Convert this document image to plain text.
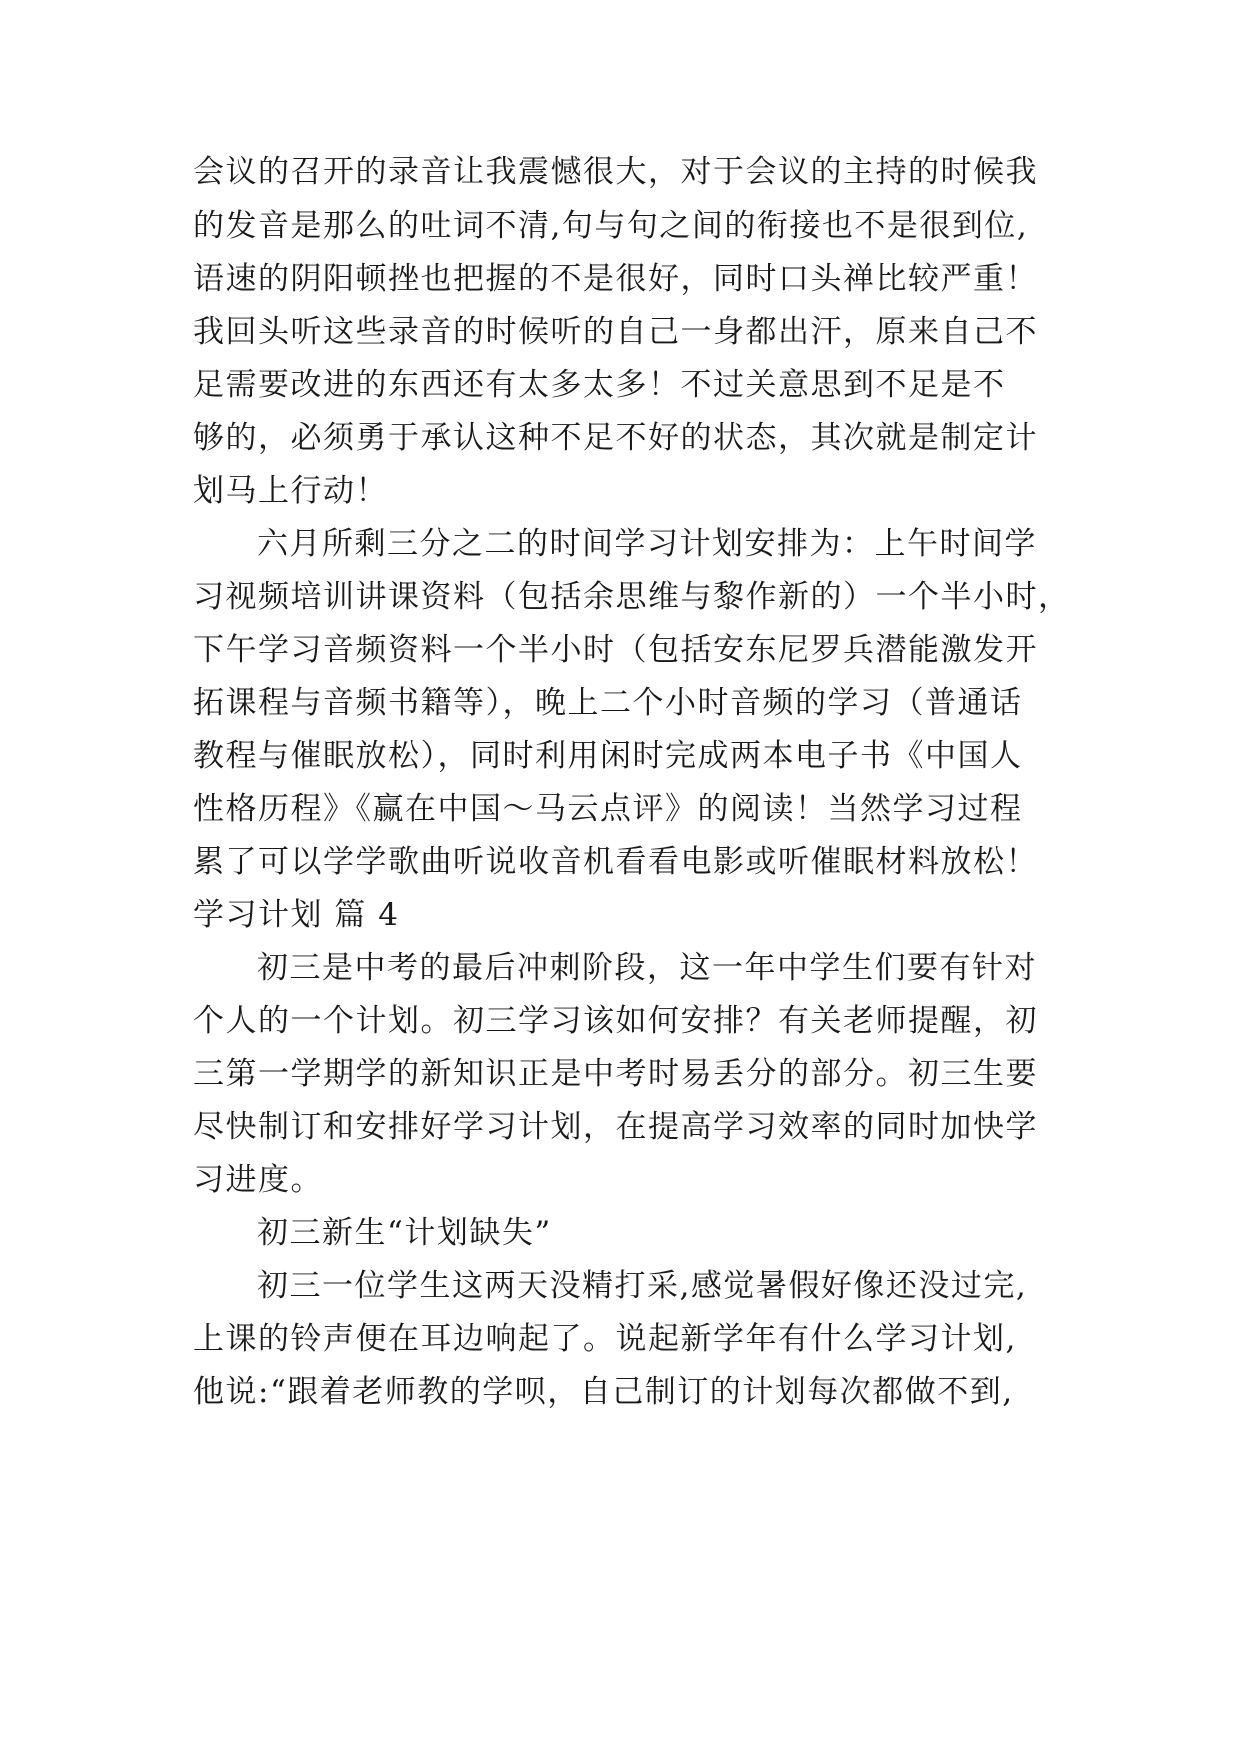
会议的召开的录音让我震憾很大，对于会议的主持的时候我
的发音是那么的吐词不清,句与句之间的衔接也不是很到位,
语速的阴阳顿挫也把握的不是很好，同时口头禅比较严重！
我回头听这些录音的时候听的自己一身都出汗，原来自己不
足需要改进的东西还有太多太多！不过关意思到不足是不
够的，必须勇于承认这种不足不好的状态，其次就是制定计
划马上行动！
六月所剩三分之二的时间学习计划安排为：上午时间学
习视频培训讲课资料（包括余思维与黎作新的）一个半小时，
下午学习音频资料一个半小时（包括安东尼罗兵潜能激发开
拓课程与音频书籍等），晚上二个小时音频的学习（普通话
教程与催眠放松），同时利用闲时完成两本电子书《中国人
性格历程》《赢在中国～马云点评》的阅读！当然学习过程
累了可以学学歌曲听说收音机看看电影或听催眠材料放松！
学习计划 篇 4
初三是中考的最后冲刺阶段，这一年中学生们要有针对
个人的一个计划。初三学习该如何安排？有关老师提醒，初
三第一学期学的新知识正是中考时易丢分的部分。初三生要
尽快制订和安排好学习计划，在提高学习效率的同时加快学
习进度。
初三新生“计划缺失”
初三一位学生这两天没精打采,感觉暑假好像还没过完,
上课的铃声便在耳边响起了。说起新学年有什么学习计划,
他说:“跟着老师教的学呗，自己制订的计划每次都做不到,
